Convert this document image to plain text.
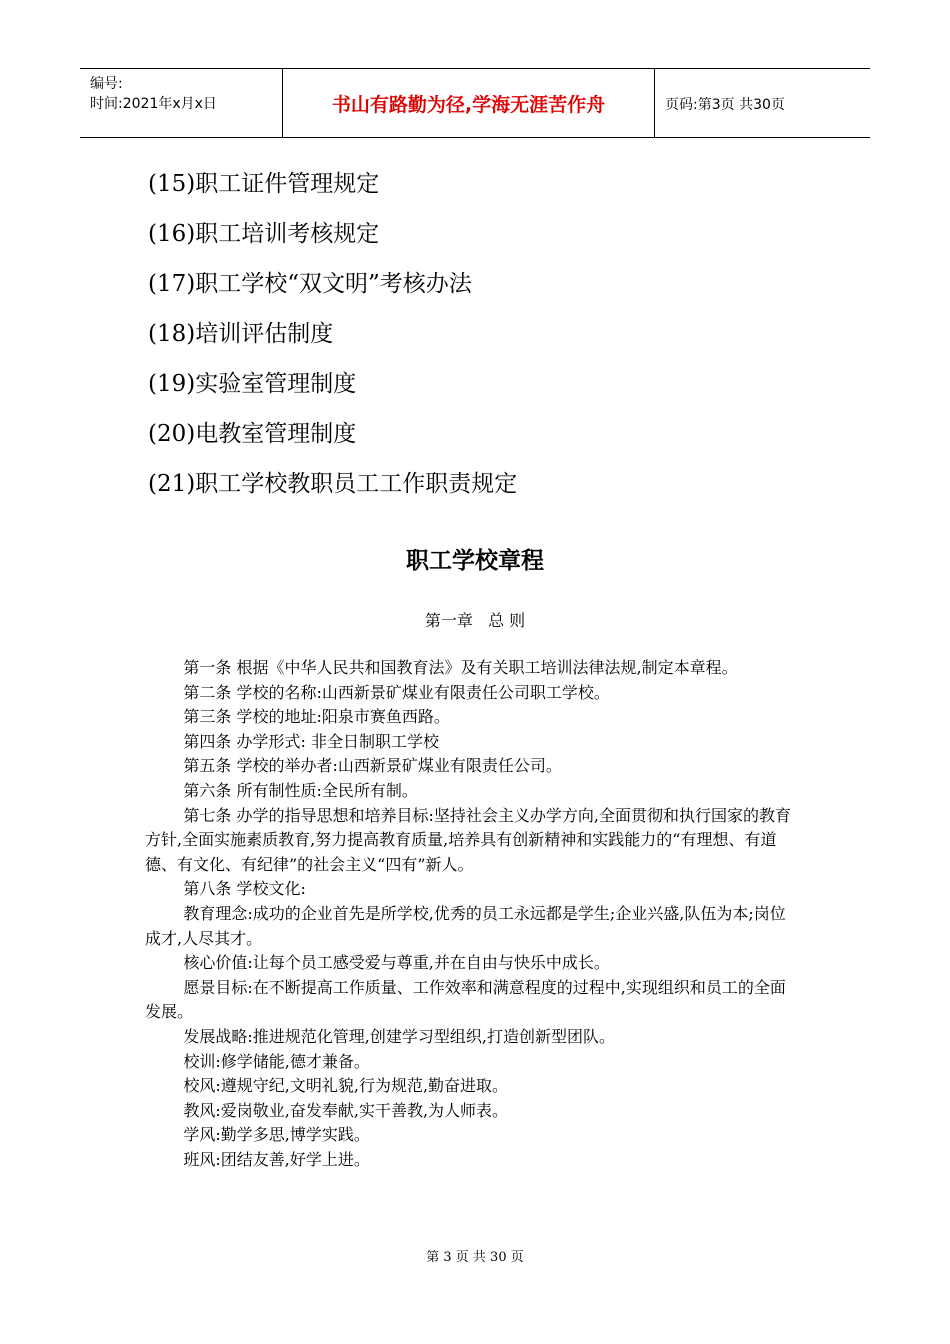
编号:
时间:2021年x月x日	书山有路勤为径,学海无涯苦作舟	页码:第3页 共30页
(15)职工证件管理规定
(16)职工培训考核规定
(17)职工学校“双文明”考核办法
(18)培训评估制度
(19)实验室管理制度
(20)电教室管理制度
(21)职工学校教职员工工作职责规定
职工学校章程
第一章   总 则

第一条 根据《中华人民共和国教育法》及有关职工培训法律法规,制定本章程。

第二条 学校的名称:山西新景矿煤业有限责任公司职工学校。

第三条 学校的地址:阳泉市赛鱼西路。

第四条 办学形式: 非全日制职工学校

第五条 学校的举办者:山西新景矿煤业有限责任公司。

第六条 所有制性质:全民所有制。

第七条 办学的指导思想和培养目标:坚持社会主义办学方向,全面贯彻和执行国家的教育方针,全面实施素质教育,努力提高教育质量,培养具有创新精神和实践能力的“有理想、有道德、有文化、有纪律”的社会主义“四有”新人。

第八条 学校文化:

教育理念:成功的企业首先是所学校,优秀的员工永远都是学生;企业兴盛,队伍为本;岗位成才,人尽其才。

核心价值:让每个员工感受爱与尊重,并在自由与快乐中成长。

愿景目标:在不断提高工作质量、工作效率和满意程度的过程中,实现组织和员工的全面发展。

发展战略:推进规范化管理,创建学习型组织,打造创新型团队。

校训:修学储能,德才兼备。

校风:遵规守纪,文明礼貌,行为规范,勤奋进取。

教风:爱岗敬业,奋发奉献,实干善教,为人师表。

学风:勤学多思,博学实践。

班风:团结友善,好学上进。

第 3 页 共 30 页
